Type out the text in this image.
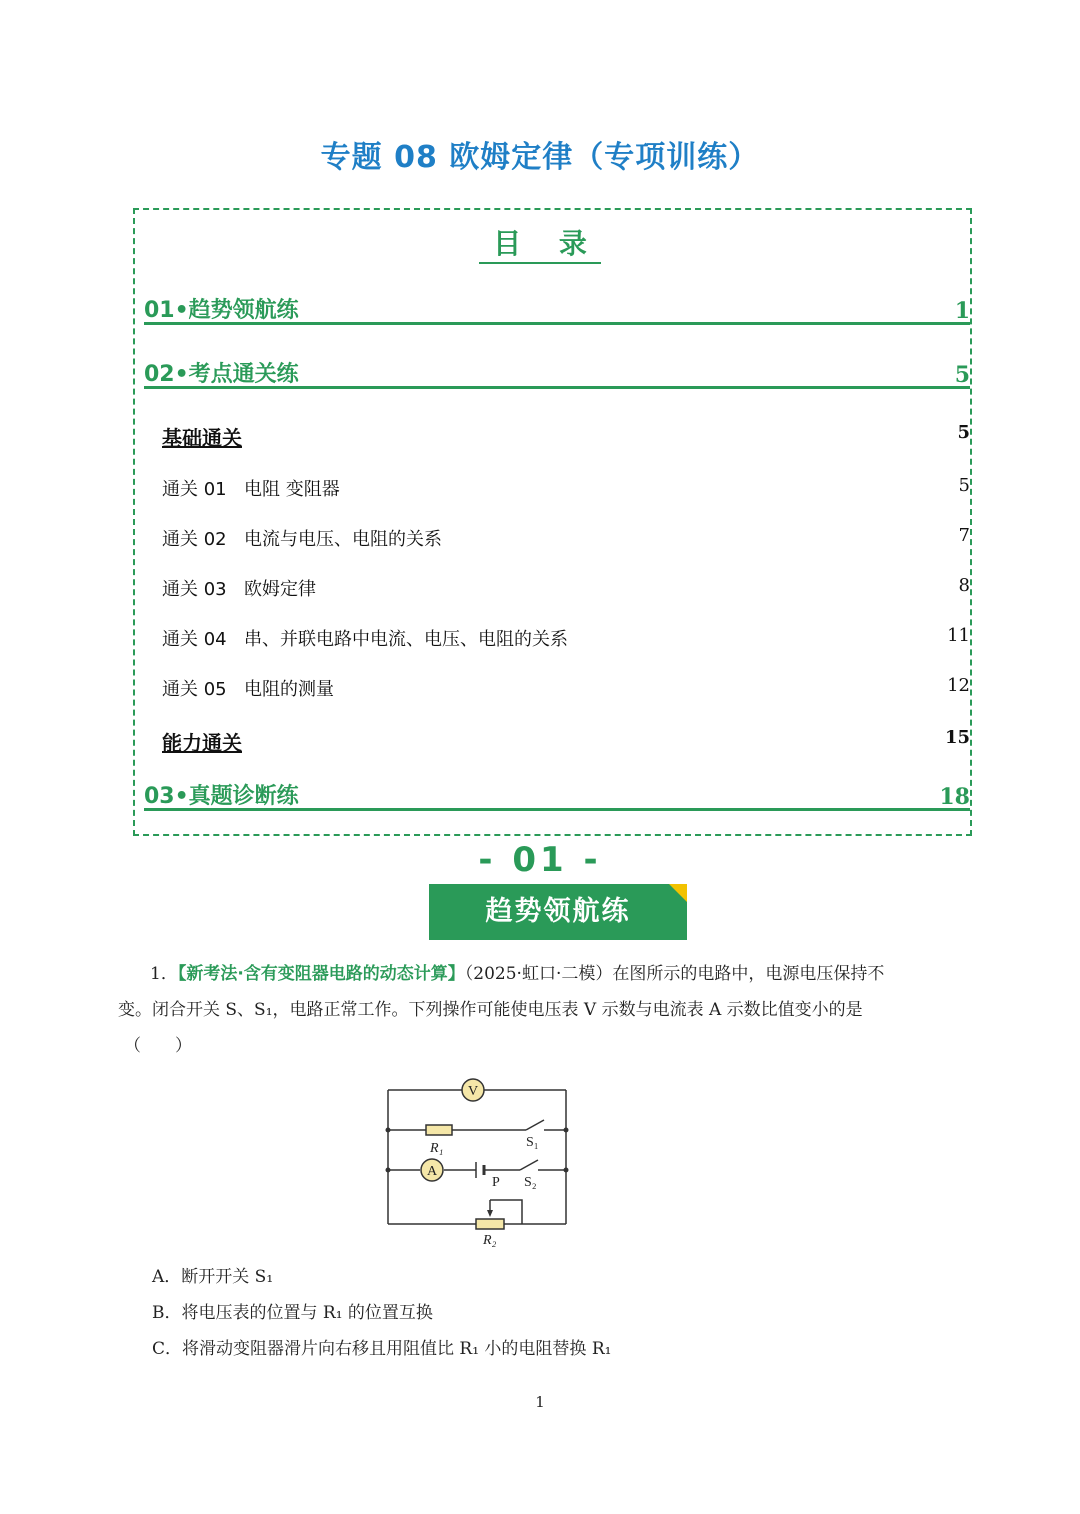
专题 08 欧姆定律（专项训练）
目 录
01•趋势领航练	1
02•考点通关练	5
基础通关	5
通关 01 电阻 变阻器	5
通关 02 电流与电压、电阻的关系	7
通关 03 欧姆定律	8
通关 04 串、并联电路中电流、电压、电阻的关系	11
通关 05 电阻的测量	12
能力通关	15
03•真题诊断练	18
- 01 -
趋势领航练
1．【新考法·含有变阻器电路的动态计算】（2025·虹口·二模）在图所示的电路中，电源电压保持不
变。闭合开关 S、S₁，电路正常工作。下列操作可能使电压表 V 示数与电流表 A 示数比值变小的是
（　　）
V
A
R₁	S₁
P S₂
R₂
A．断开开关 S₁
B．将电压表的位置与 R₁ 的位置互换
C．将滑动变阻器滑片向右移且用阻值比 R₁ 小的电阻替换 R₁
1
